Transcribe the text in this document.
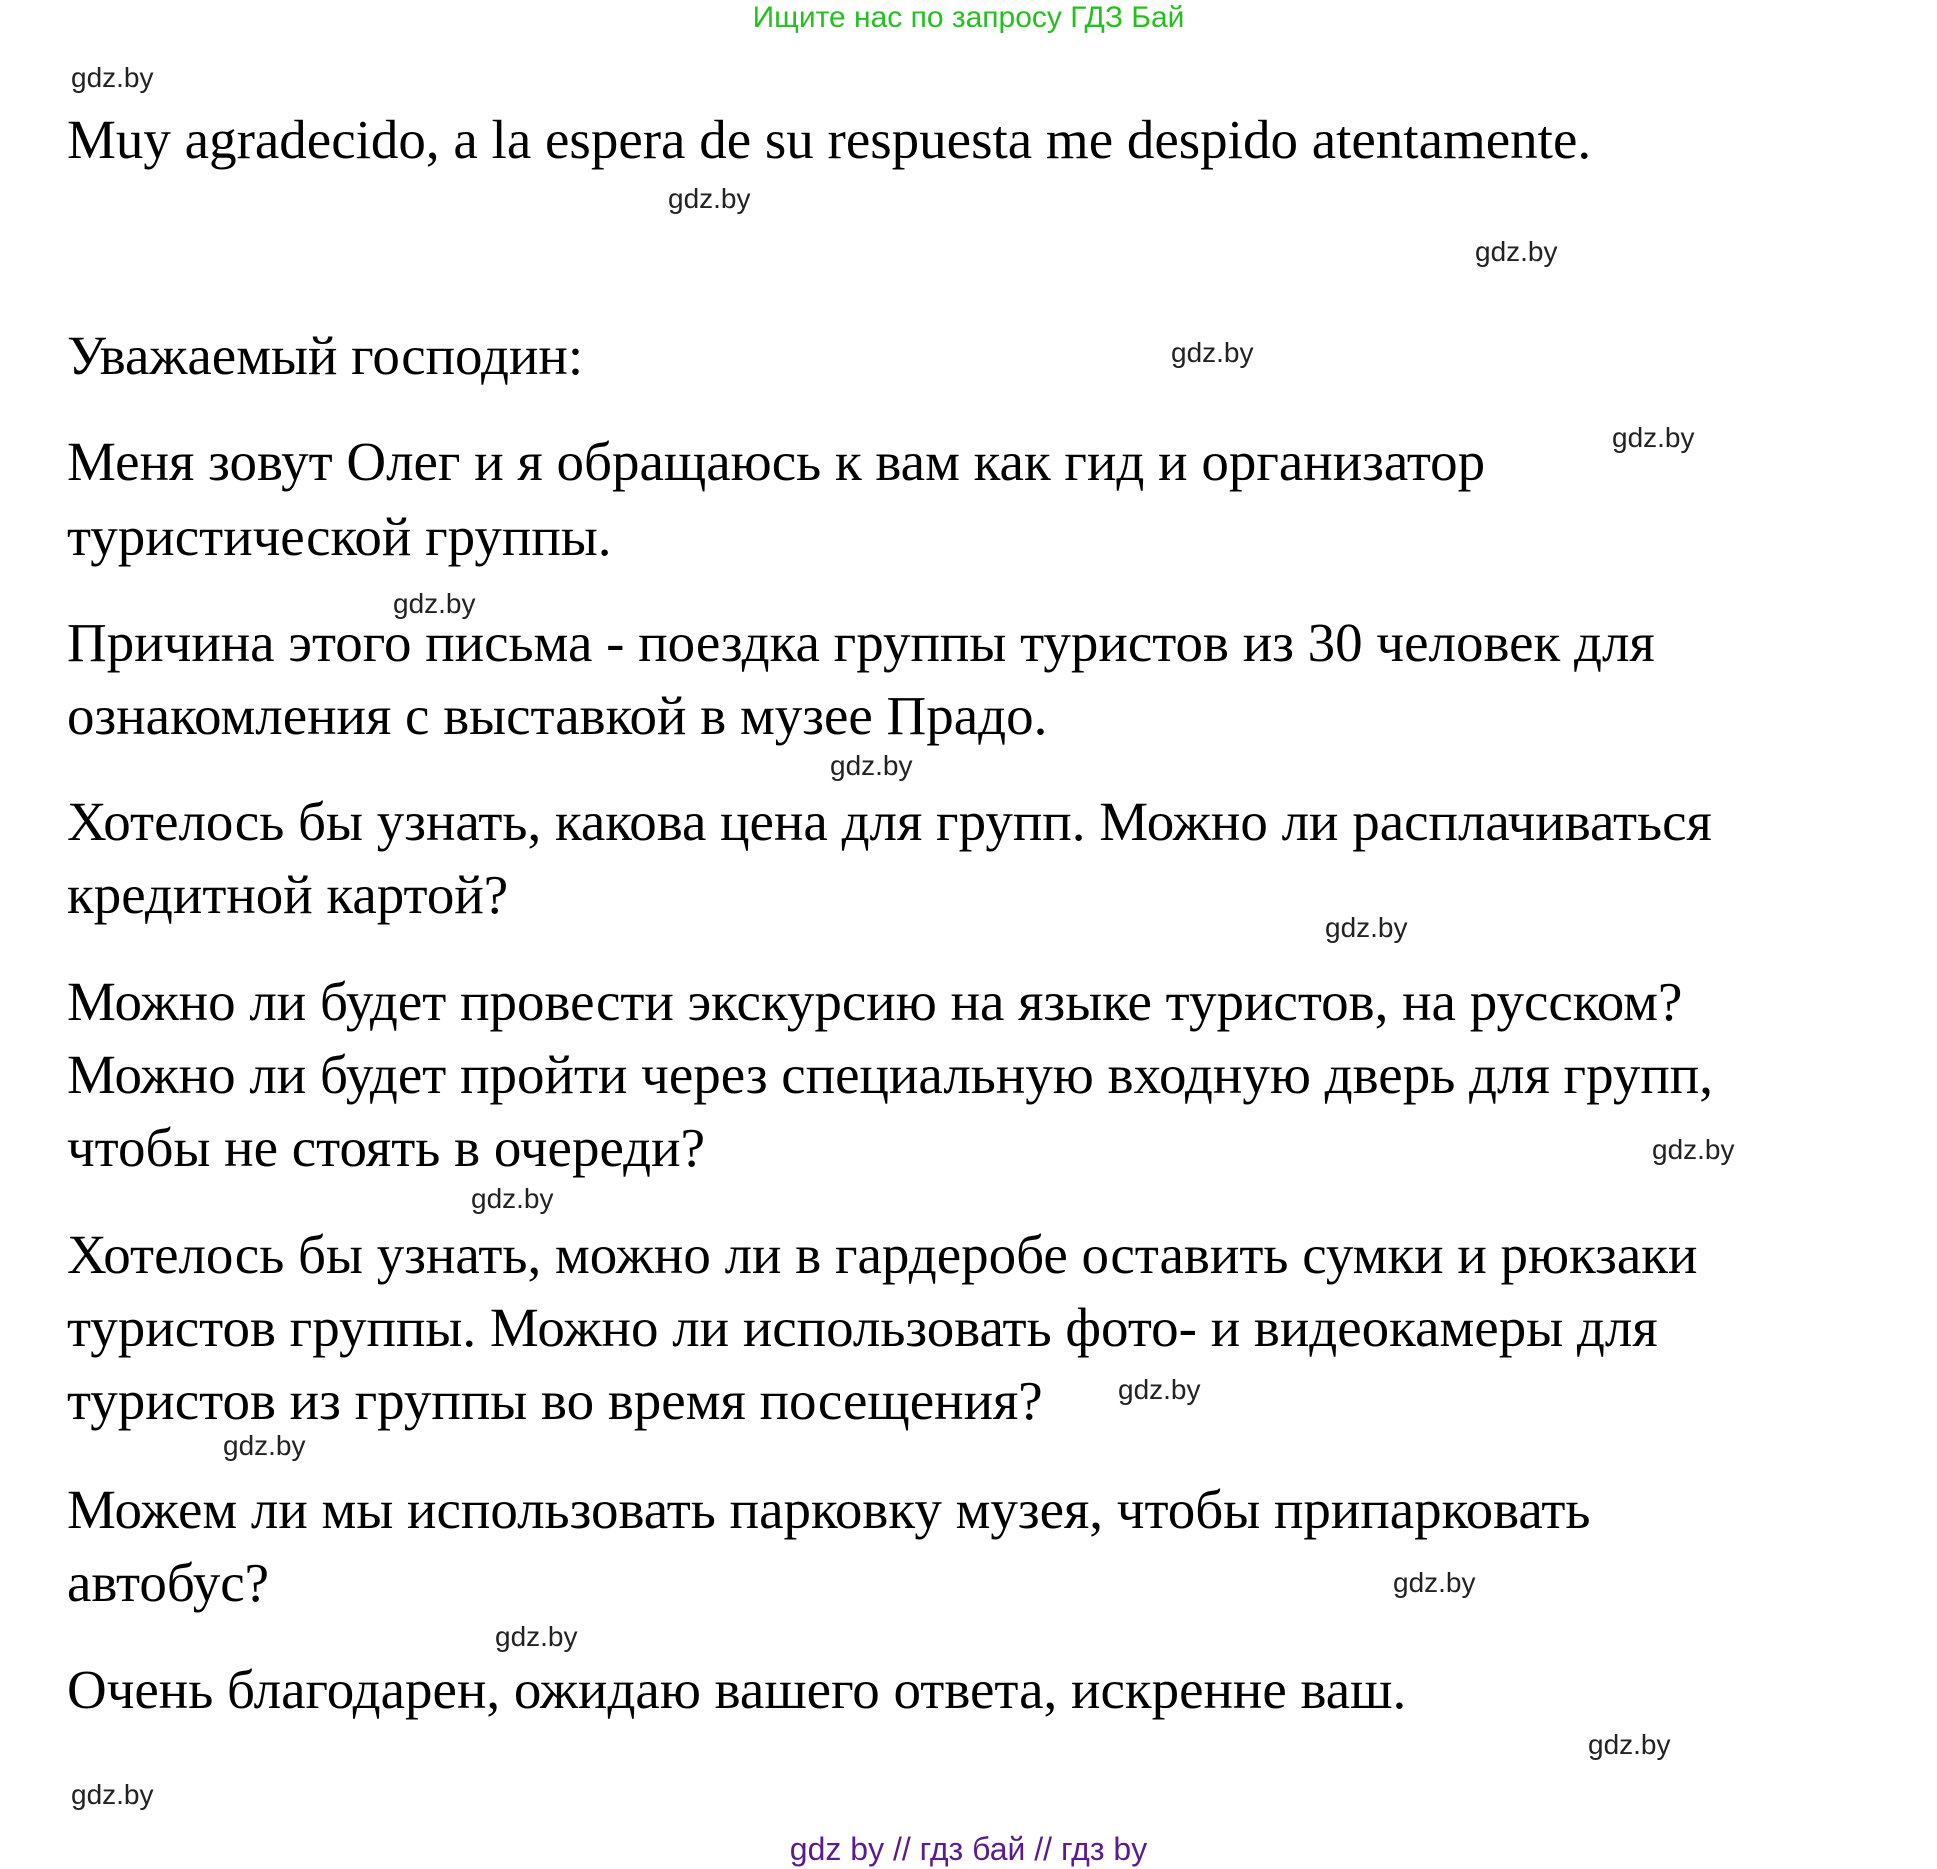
Ищите нас по запросу ГДЗ Бай
gdz.by
Muy agradecido, a la espera de su respuesta me despido atentamente.
gdz.by
gdz.by
Уважаемый господин:	gdz.by
Меня зовут Олег и я обращаюсь к вам как гид и организатор	gdz.by
туристической группы.
gdz.by
Причина этого письма - поездка группы туристов из 30 человек для
ознакомления с выставкой в музее Прадо.
gdz.by
Хотелось бы узнать, какова цена для групп. Можно ли расплачиваться
кредитной картой?
gdz.by
Можно ли будет провести экскурсию на языке туристов, на русском?
Можно ли будет пройти через специальную входную дверь для групп,
чтобы не стоять в очереди?	gdz.by
gdz.by
Хотелось бы узнать, можно ли в гардеробе оставить сумки и рюкзаки
туристов группы. Можно ли использовать фото- и видеокамеры для
туристов из группы во время посещения?	gdz.by
gdz.by
Можем ли мы использовать парковку музея, чтобы припарковать
автобус?	gdz.by
gdz.by
Очень благодарен, ожидаю вашего ответа, искренне ваш.
gdz.by
gdz.by
gdz by // гдз бай // гдз by
